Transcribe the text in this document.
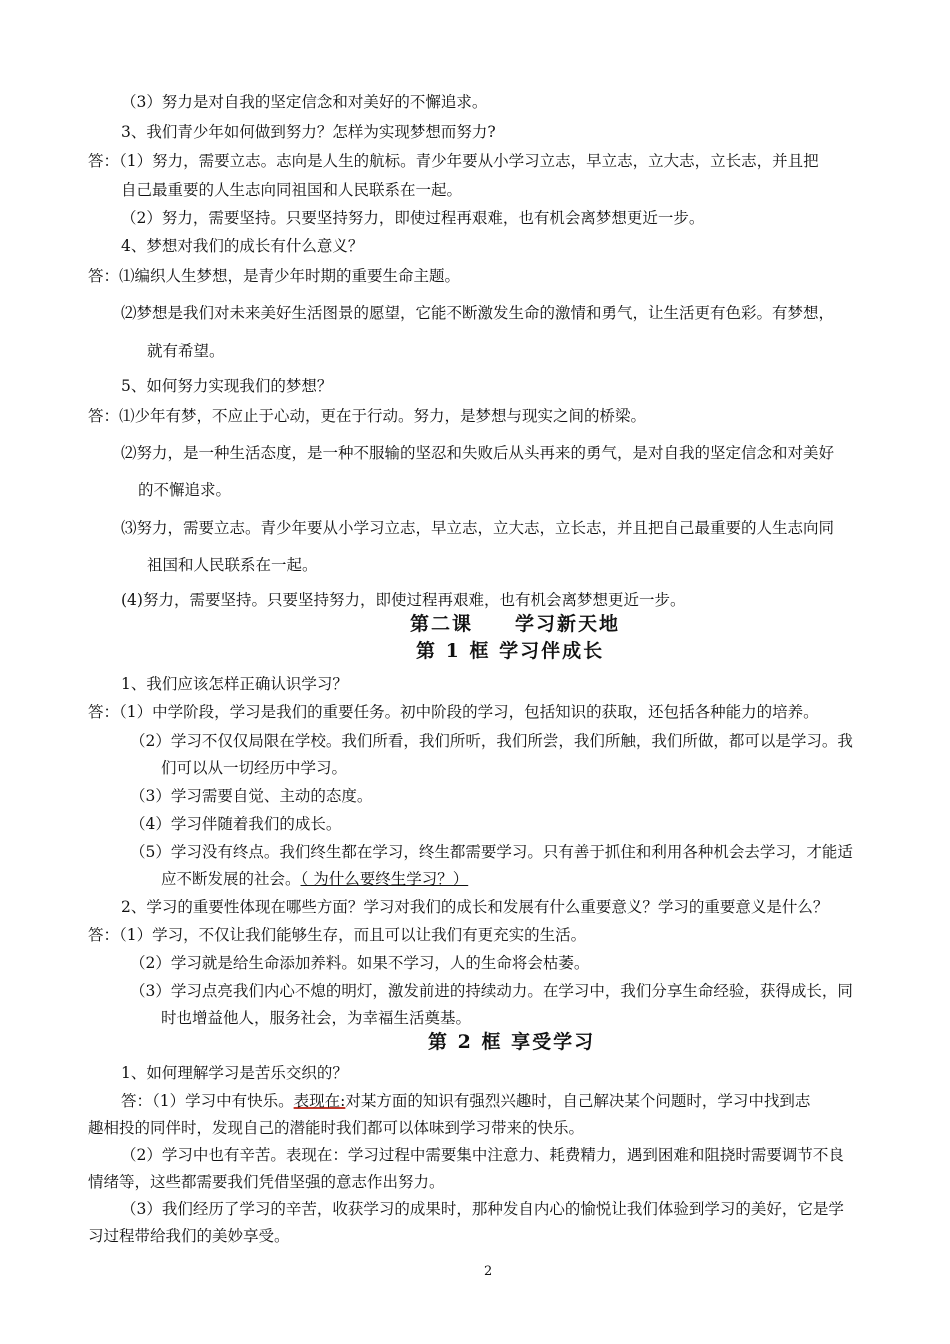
（3）努力是对自我的坚定信念和对美好的不懈追求。
3、我们青少年如何做到努力？怎样为实现梦想而努力?
答：（1）努力，需要立志。志向是人生的航标。青少年要从小学习立志，早立志，立大志，立长志，并且把
自己最重要的人生志向同祖国和人民联系在一起。
（2）努力，需要坚持。只要坚持努力，即使过程再艰难，也有机会离梦想更近一步。
4、梦想对我们的成长有什么意义？
答：⑴编织人生梦想，是青少年时期的重要生命主题。
⑵梦想是我们对未来美好生活图景的愿望，它能不断激发生命的激情和勇气，让生活更有色彩。有梦想，
就有希望。
5、如何努力实现我们的梦想？
答：⑴少年有梦，不应止于心动，更在于行动。努力，是梦想与现实之间的桥梁。
⑵努力，是一种生活态度，是一种不服输的坚忍和失败后从头再来的勇气，是对自我的坚定信念和对美好
的不懈追求。
⑶努力，需要立志。青少年要从小学习立志，早立志，立大志，立长志，并且把自己最重要的人生志向同
祖国和人民联系在一起。
(4)努力，需要坚持。只要坚持努力，即使过程再艰难，也有机会离梦想更近一步。
第二课　　学习新天地
第 1 框 学习伴成长
1、我们应该怎样正确认识学习？
答：（1）中学阶段，学习是我们的重要任务。初中阶段的学习，包括知识的获取，还包括各种能力的培养。
（2）学习不仅仅局限在学校。我们所看，我们所听，我们所尝，我们所触，我们所做，都可以是学习。我
们可以从一切经历中学习。
（3）学习需要自觉、主动的态度。
（4）学习伴随着我们的成长。
（5）学习没有终点。我们终生都在学习，终生都需要学习。只有善于抓住和利用各种机会去学习，才能适
应不断发展的社会。（ 为什么要终生学习？）
2、学习的重要性体现在哪些方面？学习对我们的成长和发展有什么重要意义？学习的重要意义是什么？
答：（1）学习，不仅让我们能够生存，而且可以让我们有更充实的生活。
（2）学习就是给生命添加养料。如果不学习，人的生命将会枯萎。
（3）学习点亮我们内心不熄的明灯，激发前进的持续动力。在学习中，我们分享生命经验，获得成长，同
时也增益他人，服务社会，为幸福生活奠基。
第 2 框 享受学习
1、如何理解学习是苦乐交织的？
答：（1）学习中有快乐。表现在:对某方面的知识有强烈兴趣时，自己解决某个问题时，学习中找到志
趣相投的同伴时，发现自己的潜能时我们都可以体味到学习带来的快乐。
（2）学习中也有辛苦。表现在：学习过程中需要集中注意力、耗费精力，遇到困难和阻挠时需要调节不良
情绪等，这些都需要我们凭借坚强的意志作出努力。
（3）我们经历了学习的辛苦，收获学习的成果时，那种发自内心的愉悦让我们体验到学习的美好，它是学
习过程带给我们的美妙享受。
2
